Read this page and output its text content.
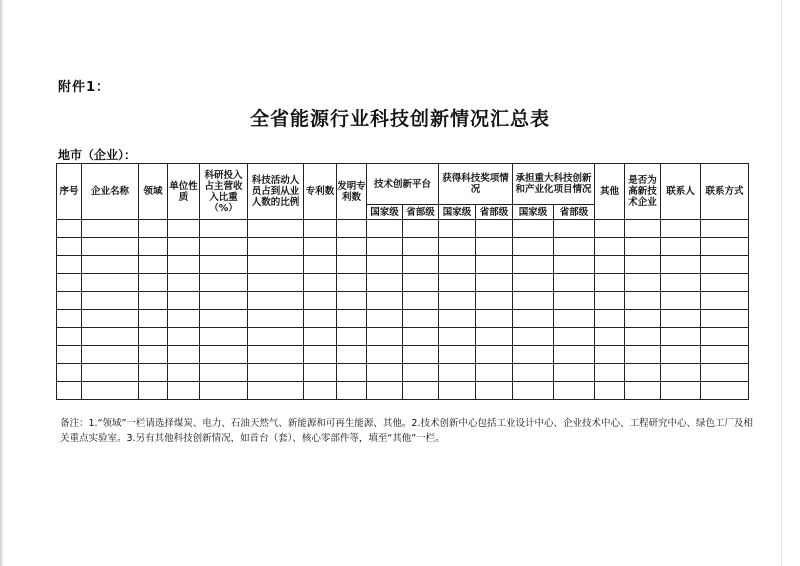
附件1：
全省能源行业科技创新情况汇总表
地市（企业）：
序号	企业名称	领域	单位性质	科研投入占主营收入比重（%）	科技活动人员占到从业人数的比例	专利数	发明专利数	技术创新平台		获得科技奖项情况		承担重大科技创新和产业化项目情况		其他	是否为高新技术企业	联系人	联系方式
								国家级	省部级	国家级	省部级	国家级	省部级				

备注：1.“领域”一栏请选择煤炭、电力、石油天然气、新能源和可再生能源、其他。2.技术创新中心包括工业设计中心、企业技术中心、工程研究中心、绿色工厂及相关重点实验室。3.另有其他科技创新情况，如首台（套）、核心零部件等，填至“其他”一栏。
